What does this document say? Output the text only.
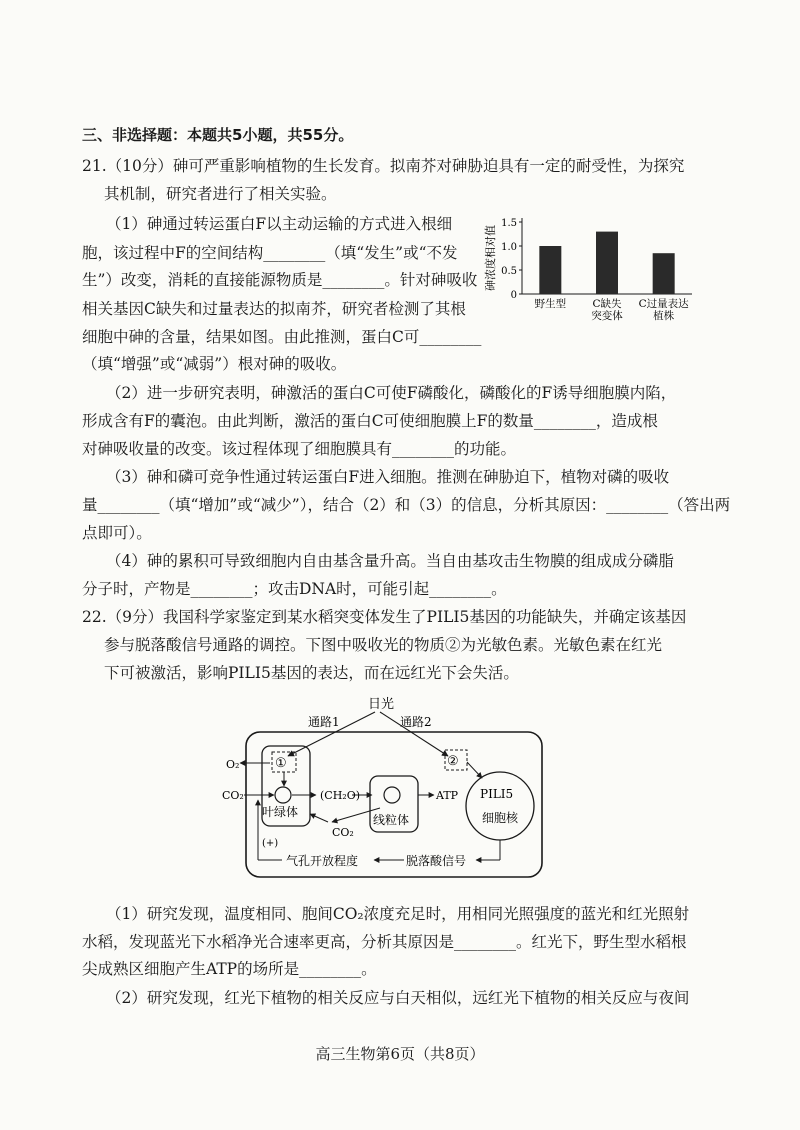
三、非选择题：本题共5小题，共55分。
21.（10分）砷可严重影响植物的生长发育。拟南芥对砷胁迫具有一定的耐受性，为探究
其机制，研究者进行了相关实验。
（1）砷通过转运蛋白F以主动运输的方式进入根细
胞，该过程中F的空间结构________（填“发生”或“不发
生”）改变，消耗的直接能源物质是________。针对砷吸收
相关基因C缺失和过量表达的拟南芥，研究者检测了其根
细胞中砷的含量，结果如图。由此推测，蛋白C可________
（填“增强”或“减弱”）根对砷的吸收。
（2）进一步研究表明，砷激活的蛋白C可使F磷酸化，磷酸化的F诱导细胞膜内陷，
形成含有F的囊泡。由此判断，激活的蛋白C可使细胞膜上F的数量________，造成根
对砷吸收量的改变。该过程体现了细胞膜具有________的功能。
（3）砷和磷可竞争性通过转运蛋白F进入细胞。推测在砷胁迫下，植物对磷的吸收
量________（填“增加”或“减少”），结合（2）和（3）的信息，分析其原因：________（答出两
点即可）。
（4）砷的累积可导致细胞内自由基含量升高。当自由基攻击生物膜的组成成分磷脂
分子时，产物是________；攻击DNA时，可能引起________。
砷浓度相对值
0
0.5
1.0
1.5
野生型	C缺失
突变体
C过量表达
植株
22.（9分）我国科学家鉴定到某水稻突变体发生了PILI5基因的功能缺失，并确定该基因
参与脱落酸信号通路的调控。下图中吸收光的物质②为光敏色素。光敏色素在红光
下可被激活，影响PILI5基因的表达，而在远红光下会失活。
日光
通路1	通路2
①
叶绿体
O₂
CO₂	(CH₂O)
线粒体
CO₂
ATP
②
PILI5
细胞核
脱落酸信号
气孔开放程度
(+)
（1）研究发现，温度相同、胞间CO₂浓度充足时，用相同光照强度的蓝光和红光照射
水稻，发现蓝光下水稻净光合速率更高，分析其原因是________。红光下，野生型水稻根
尖成熟区细胞产生ATP的场所是________。
（2）研究发现，红光下植物的相关反应与白天相似，远红光下植物的相关反应与夜间
高三生物第6页（共8页）
